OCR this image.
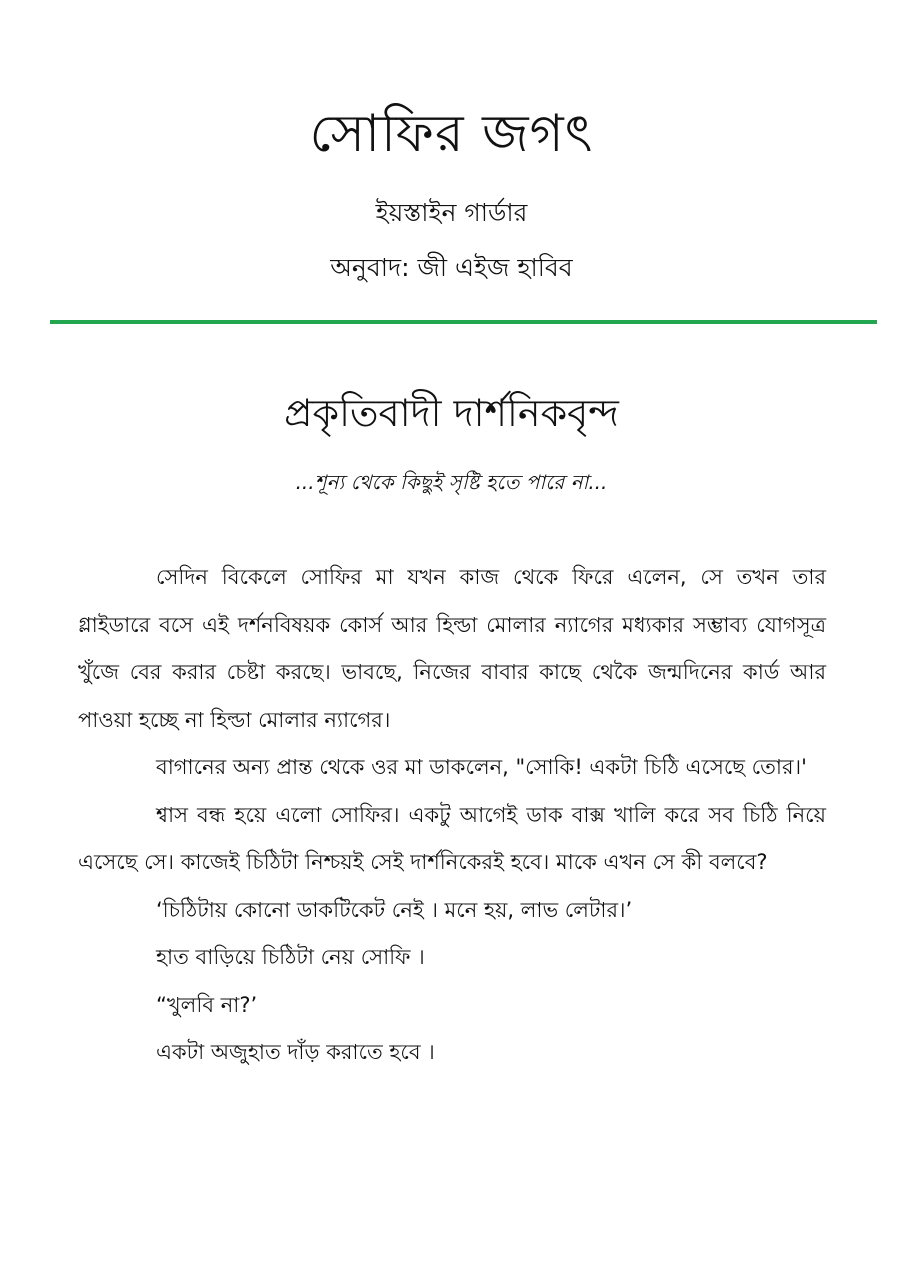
সোফির জগৎ

ইয়স্তাইন গার্ডার

অনুবাদ: জী এইজ হাবিব

প্রকৃতিবাদী দার্শনিকবৃন্দ

...শূন্য থেকে কিছুই সৃষ্টি হতে পারে না...

সেদিন বিকেলে সোফির মা যখন কাজ থেকে ফিরে এলেন, সে তখন তার গ্লাইডারে বসে এই দর্শনবিষয়ক কোর্স আর হিল্ডা মোলার ন্যাগের মধ্যকার সম্ভাব্য যোগসূত্র খুঁজে বের করার চেষ্টা করছে। ভাবছে, নিজের বাবার কাছে থেকৈ জন্মদিনের কার্ড আর পাওয়া হচ্ছে না হিল্ডা মোলার ন্যাগের।

বাগানের অন্য প্রান্ত থেকে ওর মা ডাকলেন, "সোকি! একটা চিঠি এসেছে তোর।'

শ্বাস বন্ধ হয়ে এলো সোফির। একটু আগেই ডাক বাক্স খালি করে সব চিঠি নিয়ে এসেছে সে। কাজেই চিঠিটা নিশ্চয়ই সেই দার্শনিকেরই হবে। মাকে এখন সে কী বলবে?

‘চিঠিটায় কোনো ডাকটিকেট নেই । মনে হয়, লাভ লেটার।’

হাত বাড়িয়ে চিঠিটা নেয় সোফি ।

“খুলবি না?’

একটা অজুহাত দাঁড় করাতে হবে ।
